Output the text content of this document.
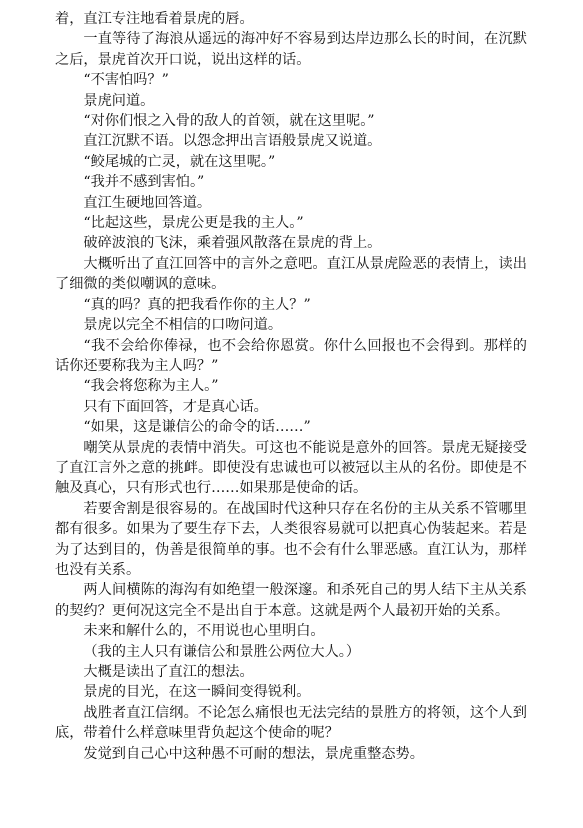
着，直江专注地看着景虎的唇。

一直等待了海浪从遥远的海冲好不容易到达岸边那么长的时间，在沉默之后，景虎首次开口说，说出这样的话。

“不害怕吗？”

景虎问道。

“对你们恨之入骨的敌人的首领，就在这里呢。”

直江沉默不语。以怨念押出言语般景虎又说道。

“鲛尾城的亡灵，就在这里呢。”

“我并不感到害怕。”

直江生硬地回答道。

“比起这些，景虎公更是我的主人。”

破碎波浪的飞沫，乘着强风散落在景虎的背上。

大概听出了直江回答中的言外之意吧。直江从景虎险恶的表情上，读出了细微的类似嘲讽的意味。

“真的吗？真的把我看作你的主人？”

景虎以完全不相信的口吻问道。

“我不会给你俸禄，也不会给你恩赏。你什么回报也不会得到。那样的话你还要称我为主人吗？”

“我会将您称为主人。”

只有下面回答，才是真心话。

“如果，这是谦信公的命令的话……”

嘲笑从景虎的表情中消失。可这也不能说是意外的回答。景虎无疑接受了直江言外之意的挑衅。即使没有忠诚也可以被冠以主从的名份。即使是不触及真心，只有形式也行……如果那是使命的话。

若要舍割是很容易的。在战国时代这种只存在名份的主从关系不管哪里都有很多。如果为了要生存下去，人类很容易就可以把真心伪装起来。若是为了达到目的，伪善是很简单的事。也不会有什么罪恶感。直江认为，那样也没有关系。

两人间横陈的海沟有如绝望一般深邃。和杀死自己的男人结下主从关系的契约？更何况这完全不是出自于本意。这就是两个人最初开始的关系。

未来和解什么的，不用说也心里明白。

（我的主人只有谦信公和景胜公两位大人。）

大概是读出了直江的想法。

景虎的目光，在这一瞬间变得锐利。

战胜者直江信纲。不论怎么痛恨也无法完结的景胜方的将领，这个人到底，带着什么样意味里背负起这个使命的呢？

发觉到自己心中这种愚不可耐的想法，景虎重整态势。
